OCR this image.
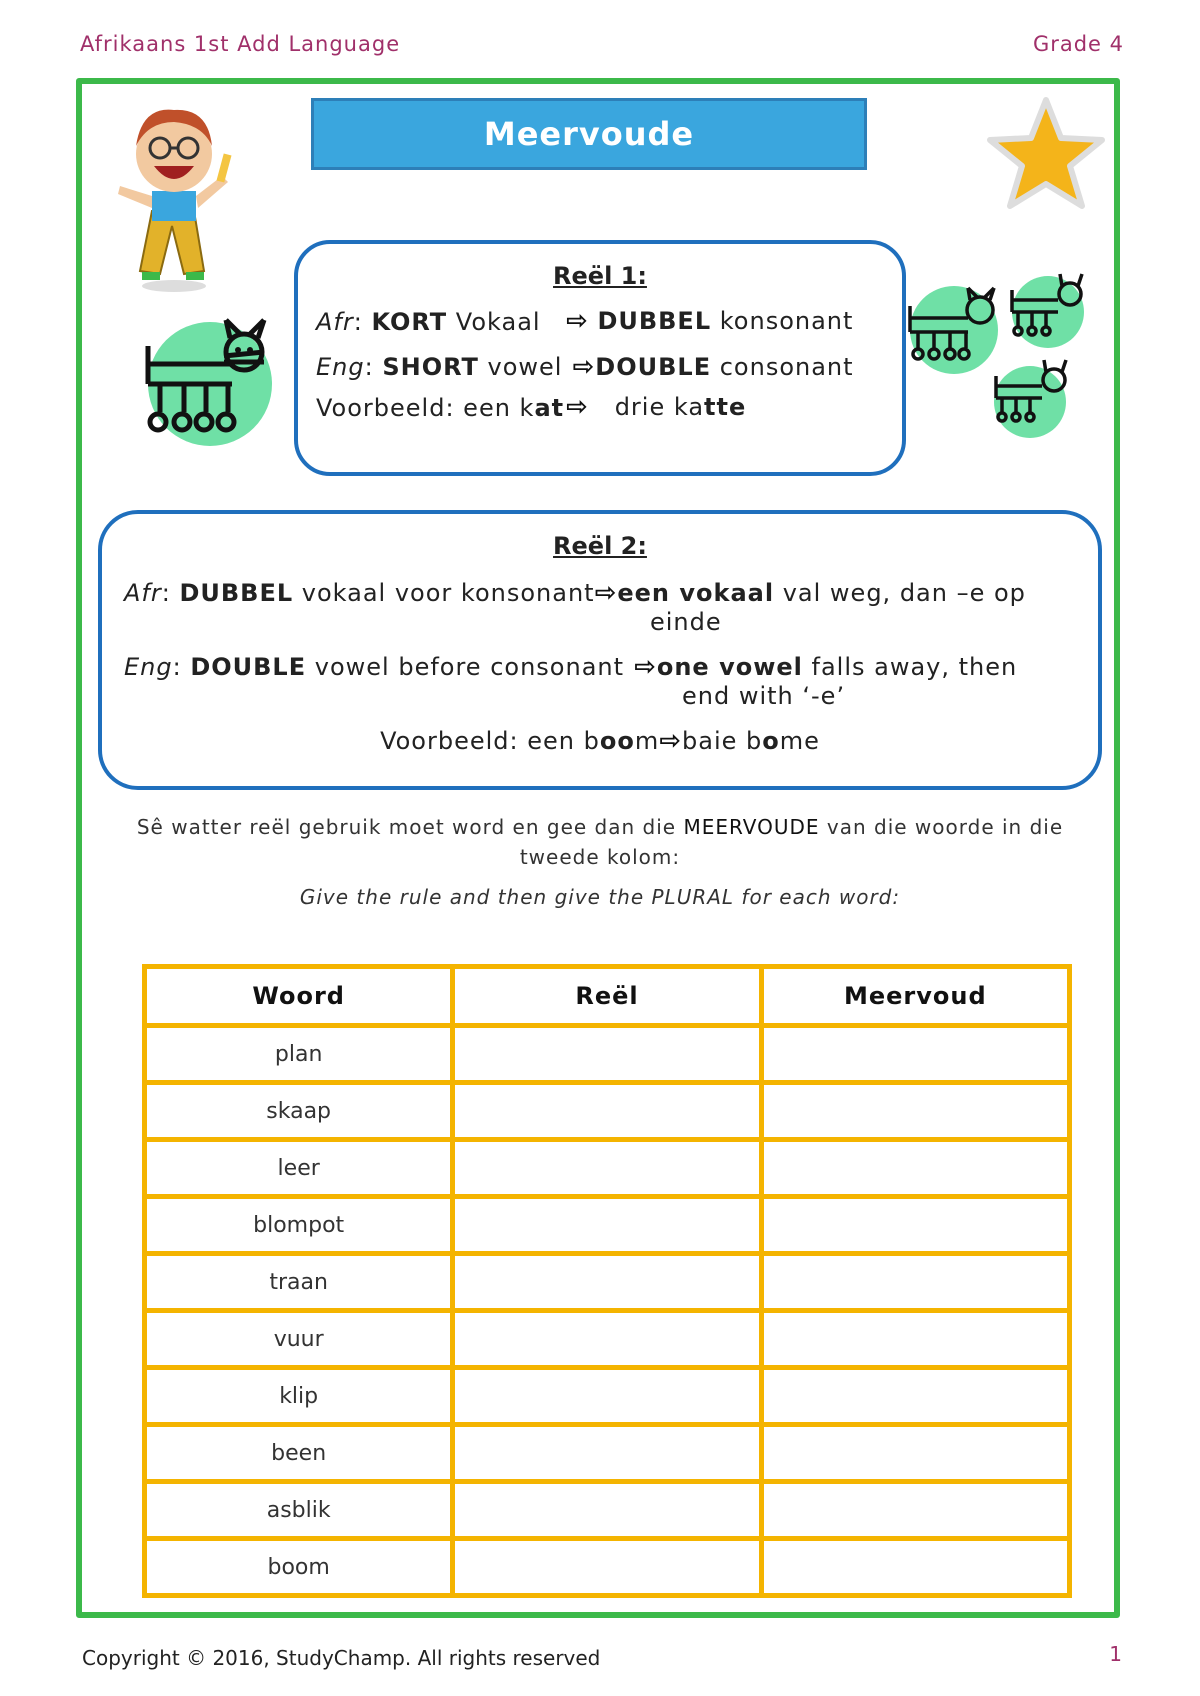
Afrikaans 1st Add Language	Grade 4
Meervoude
Reël 1:
Afr: KORT Vokaal ⇨ DUBBEL konsonant
Eng: SHORT vowel ⇨DOUBLE consonant
Voorbeeld: een kat ⇨ drie katte
Reël 2:
Afr: DUBBEL vokaal voor konsonant⇨een vokaal val weg, dan –e op
einde
Eng: DOUBLE vowel before consonant ⇨one vowel falls away, then
end with ‘-e’
Voorbeeld: een boom⇨baie bome
Sê watter reël gebruik moet word en gee dan die MEERVOUDE van die woorde in die tweede kolom:
Give the rule and then give the PLURAL for each word:
Woord	Reël	Meervoud
plan		
skaap		
leer		
blompot		
traan		
vuur		
klip		
been		
asblik		
boom		
Copyright © 2016, StudyChamp. All rights reserved	1
